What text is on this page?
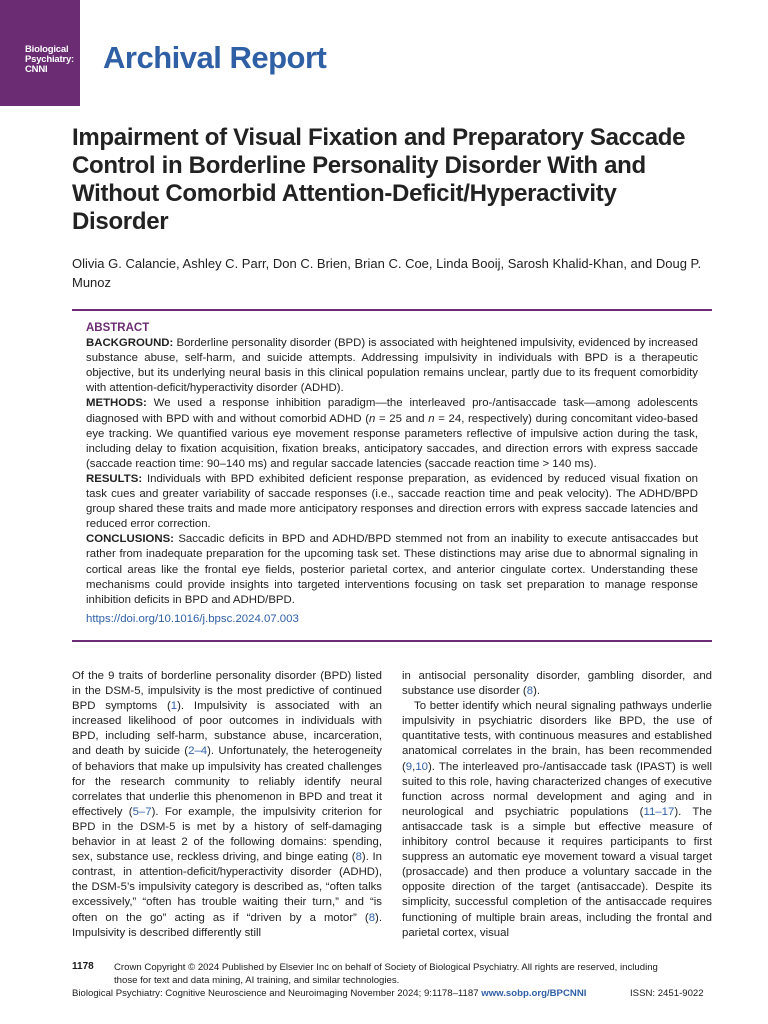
Biological
Psychiatry:
CNNI	Archival Report
Impairment of Visual Fixation and Preparatory Saccade Control in Borderline Personality Disorder With and Without Comorbid Attention-Deficit/Hyperactivity Disorder
Olivia G. Calancie, Ashley C. Parr, Don C. Brien, Brian C. Coe, Linda Booij, Sarosh Khalid-Khan, and Doug P. Munoz

ABSTRACT

BACKGROUND: Borderline personality disorder (BPD) is associated with heightened impulsivity, evidenced by increased substance abuse, self-harm, and suicide attempts. Addressing impulsivity in individuals with BPD is a therapeutic objective, but its underlying neural basis in this clinical population remains unclear, partly due to its frequent comorbidity with attention-deficit/hyperactivity disorder (ADHD).

METHODS: We used a response inhibition paradigm—the interleaved pro-/antisaccade task—among adolescents diagnosed with BPD with and without comorbid ADHD (n = 25 and n = 24, respectively) during concomitant video-based eye tracking. We quantified various eye movement response parameters reflective of impulsive action during the task, including delay to fixation acquisition, fixation breaks, anticipatory saccades, and direction errors with express saccade (saccade reaction time: 90–140 ms) and regular saccade latencies (saccade reaction time > 140 ms).

RESULTS: Individuals with BPD exhibited deficient response preparation, as evidenced by reduced visual fixation on task cues and greater variability of saccade responses (i.e., saccade reaction time and peak velocity). The ADHD/BPD group shared these traits and made more anticipatory responses and direction errors with express saccade latencies and reduced error correction.

CONCLUSIONS: Saccadic deficits in BPD and ADHD/BPD stemmed not from an inability to execute antisaccades but rather from inadequate preparation for the upcoming task set. These distinctions may arise due to abnormal signaling in cortical areas like the frontal eye fields, posterior parietal cortex, and anterior cingulate cortex. Understanding these mechanisms could provide insights into targeted interventions focusing on task set preparation to manage response inhibition deficits in BPD and ADHD/BPD.

https://doi.org/10.1016/j.bpsc.2024.07.003

Of the 9 traits of borderline personality disorder (BPD) listed in the DSM-5, impulsivity is the most predictive of continued BPD symptoms (1). Impulsivity is associated with an increased likelihood of poor outcomes in individuals with BPD, including self-harm, substance abuse, incarceration, and death by suicide (2–4). Unfortunately, the heterogeneity of behaviors that make up impulsivity has created challenges for the research community to reliably identify neural correlates that underlie this phenomenon in BPD and treat it effectively (5–7). For example, the impulsivity criterion for BPD in the DSM-5 is met by a history of self-damaging behavior in at least 2 of the following domains: spending, sex, substance use, reckless driving, and binge eating (8). In contrast, in attention-deficit/hyperactivity disorder (ADHD), the DSM-5’s impulsivity category is described as, “often talks excessively,” “often has trouble waiting their turn,” and “is often on the go” acting as if “driven by a motor” (8). Impulsivity is described differently still

in antisocial personality disorder, gambling disorder, and substance use disorder (8).

To better identify which neural signaling pathways underlie impulsivity in psychiatric disorders like BPD, the use of quantitative tests, with continuous measures and established anatomical correlates in the brain, has been recommended (9,10). The interleaved pro-/antisaccade task (IPAST) is well suited to this role, having characterized changes of executive function across normal development and aging and in neurological and psychiatric populations (11–17). The antisaccade task is a simple but effective measure of inhibitory control because it requires participants to first suppress an automatic eye movement toward a visual target (prosaccade) and then produce a voluntary saccade in the opposite direction of the target (antisaccade). Despite its simplicity, successful completion of the antisaccade requires functioning of multiple brain areas, including the frontal and parietal cortex, visual

1178 Crown Copyright © 2024 Published by Elsevier Inc on behalf of Society of Biological Psychiatry. All rights are reserved, including those for text and data mining, AI training, and similar technologies.
Biological Psychiatry: Cognitive Neuroscience and Neuroimaging November 2024; 9:1178–1187 www.sobp.org/BPCNNI	ISSN: 2451-9022
